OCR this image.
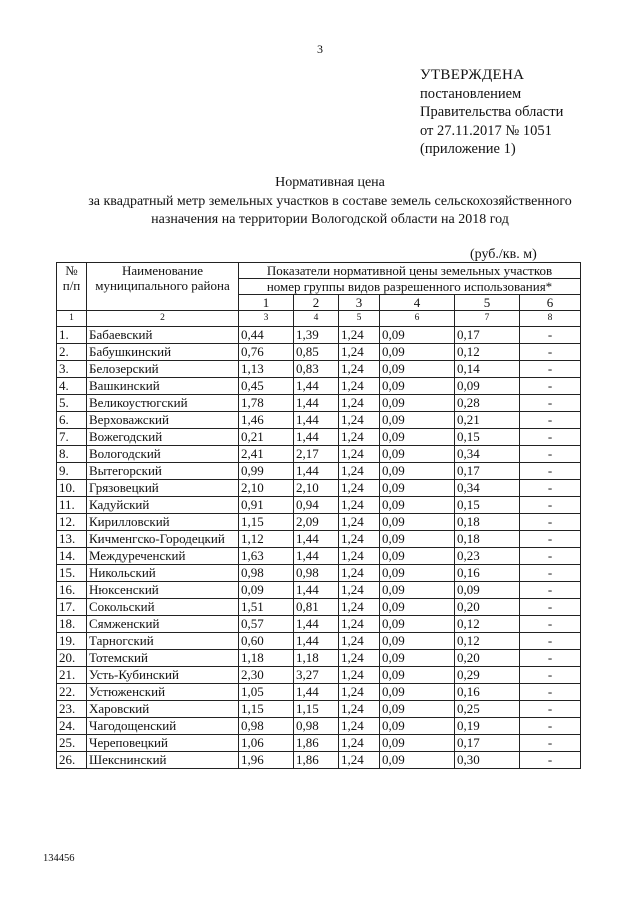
3
УТВЕРЖДЕНА
постановлением
Правительства области
от 27.11.2017 № 1051
(приложение 1)
Нормативная цена
за квадратный метр земельных участков в составе земель сельскохозяйственного
назначения на территории Вологодской области на 2018 год
(руб./кв. м)
№ п/п	Наименование муниципального района	Показатели нормативной цены земельных участков					
		номер группы видов разрешенного использования*					
		1	2	3	4	5	6
1	2	3	4	5	6	7	8
1.	Бабаевский	0,44	1,39	1,24	0,09	0,17	-
2.	Бабушкинский	0,76	0,85	1,24	0,09	0,12	-
3.	Белозерский	1,13	0,83	1,24	0,09	0,14	-
4.	Вашкинский	0,45	1,44	1,24	0,09	0,09	-
5.	Великоустюгский	1,78	1,44	1,24	0,09	0,28	-
6.	Верховажский	1,46	1,44	1,24	0,09	0,21	-
7.	Вожегодский	0,21	1,44	1,24	0,09	0,15	-
8.	Вологодский	2,41	2,17	1,24	0,09	0,34	-
9.	Вытегорский	0,99	1,44	1,24	0,09	0,17	-
10.	Грязовецкий	2,10	2,10	1,24	0,09	0,34	-
11.	Кадуйский	0,91	0,94	1,24	0,09	0,15	-
12.	Кирилловский	1,15	2,09	1,24	0,09	0,18	-
13.	Кичменгско-Городецкий	1,12	1,44	1,24	0,09	0,18	-
14.	Междуреченский	1,63	1,44	1,24	0,09	0,23	-
15.	Никольский	0,98	0,98	1,24	0,09	0,16	-
16.	Нюксенский	0,09	1,44	1,24	0,09	0,09	-
17.	Сокольский	1,51	0,81	1,24	0,09	0,20	-
18.	Сямженский	0,57	1,44	1,24	0,09	0,12	-
19.	Тарногский	0,60	1,44	1,24	0,09	0,12	-
20.	Тотемский	1,18	1,18	1,24	0,09	0,20	-
21.	Усть-Кубинский	2,30	3,27	1,24	0,09	0,29	-
22.	Устюженский	1,05	1,44	1,24	0,09	0,16	-
23.	Харовский	1,15	1,15	1,24	0,09	0,25	-
24.	Чагодощенский	0,98	0,98	1,24	0,09	0,19	-
25.	Череповецкий	1,06	1,86	1,24	0,09	0,17	-
26.	Шекснинский	1,96	1,86	1,24	0,09	0,30	-
134456
